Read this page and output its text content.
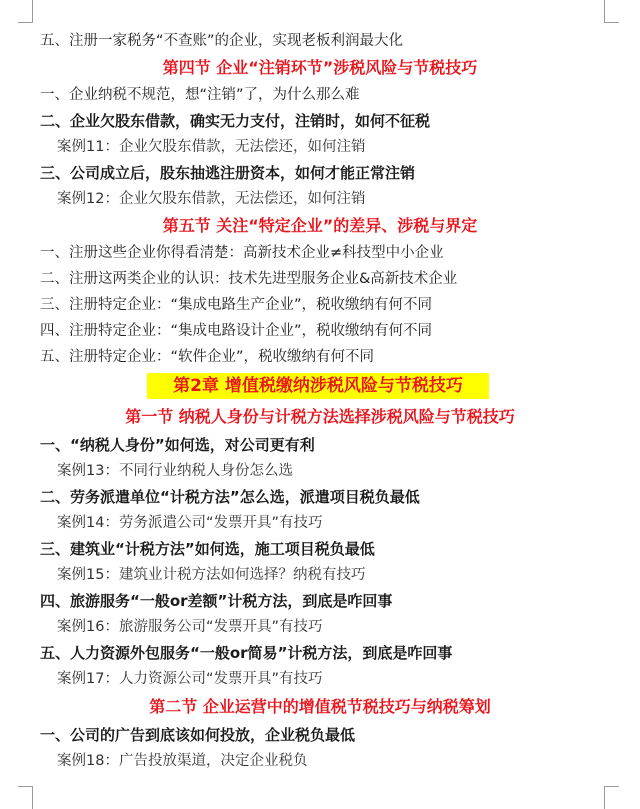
五、注册一家税务“不查账”的企业，实现老板利润最大化
第四节 企业“注销环节”涉税风险与节税技巧
一、企业纳税不规范，想“注销”了，为什么那么难
二、企业欠股东借款，确实无力支付，注销时，如何不征税
案例11：企业欠股东借款，无法偿还，如何注销
三、公司成立后，股东抽逃注册资本，如何才能正常注销
案例12：企业欠股东借款，无法偿还，如何注销
第五节 关注“特定企业”的差异、涉税与界定
一、注册这些企业你得看清楚：高新技术企业≠科技型中小企业
二、注册这两类企业的认识：技术先进型服务企业&高新技术企业
三、注册特定企业：“集成电路生产企业”，税收缴纳有何不同
四、注册特定企业：“集成电路设计企业”，税收缴纳有何不同
五、注册特定企业：“软件企业”，税收缴纳有何不同
第2章 增值税缴纳涉税风险与节税技巧
第一节 纳税人身份与计税方法选择涉税风险与节税技巧
一、“纳税人身份”如何选，对公司更有利
案例13：不同行业纳税人身份怎么选
二、劳务派遣单位“计税方法”怎么选，派遣项目税负最低
案例14：劳务派遣公司“发票开具”有技巧
三、建筑业“计税方法”如何选，施工项目税负最低
案例15：建筑业计税方法如何选择？纳税有技巧
四、旅游服务“一般or差额”计税方法，到底是咋回事
案例16：旅游服务公司“发票开具”有技巧
五、人力资源外包服务“一般or简易”计税方法，到底是咋回事
案例17：人力资源公司“发票开具”有技巧
第二节 企业运营中的增值税节税技巧与纳税筹划
一、公司的广告到底该如何投放，企业税负最低
案例18：广告投放渠道，决定企业税负
